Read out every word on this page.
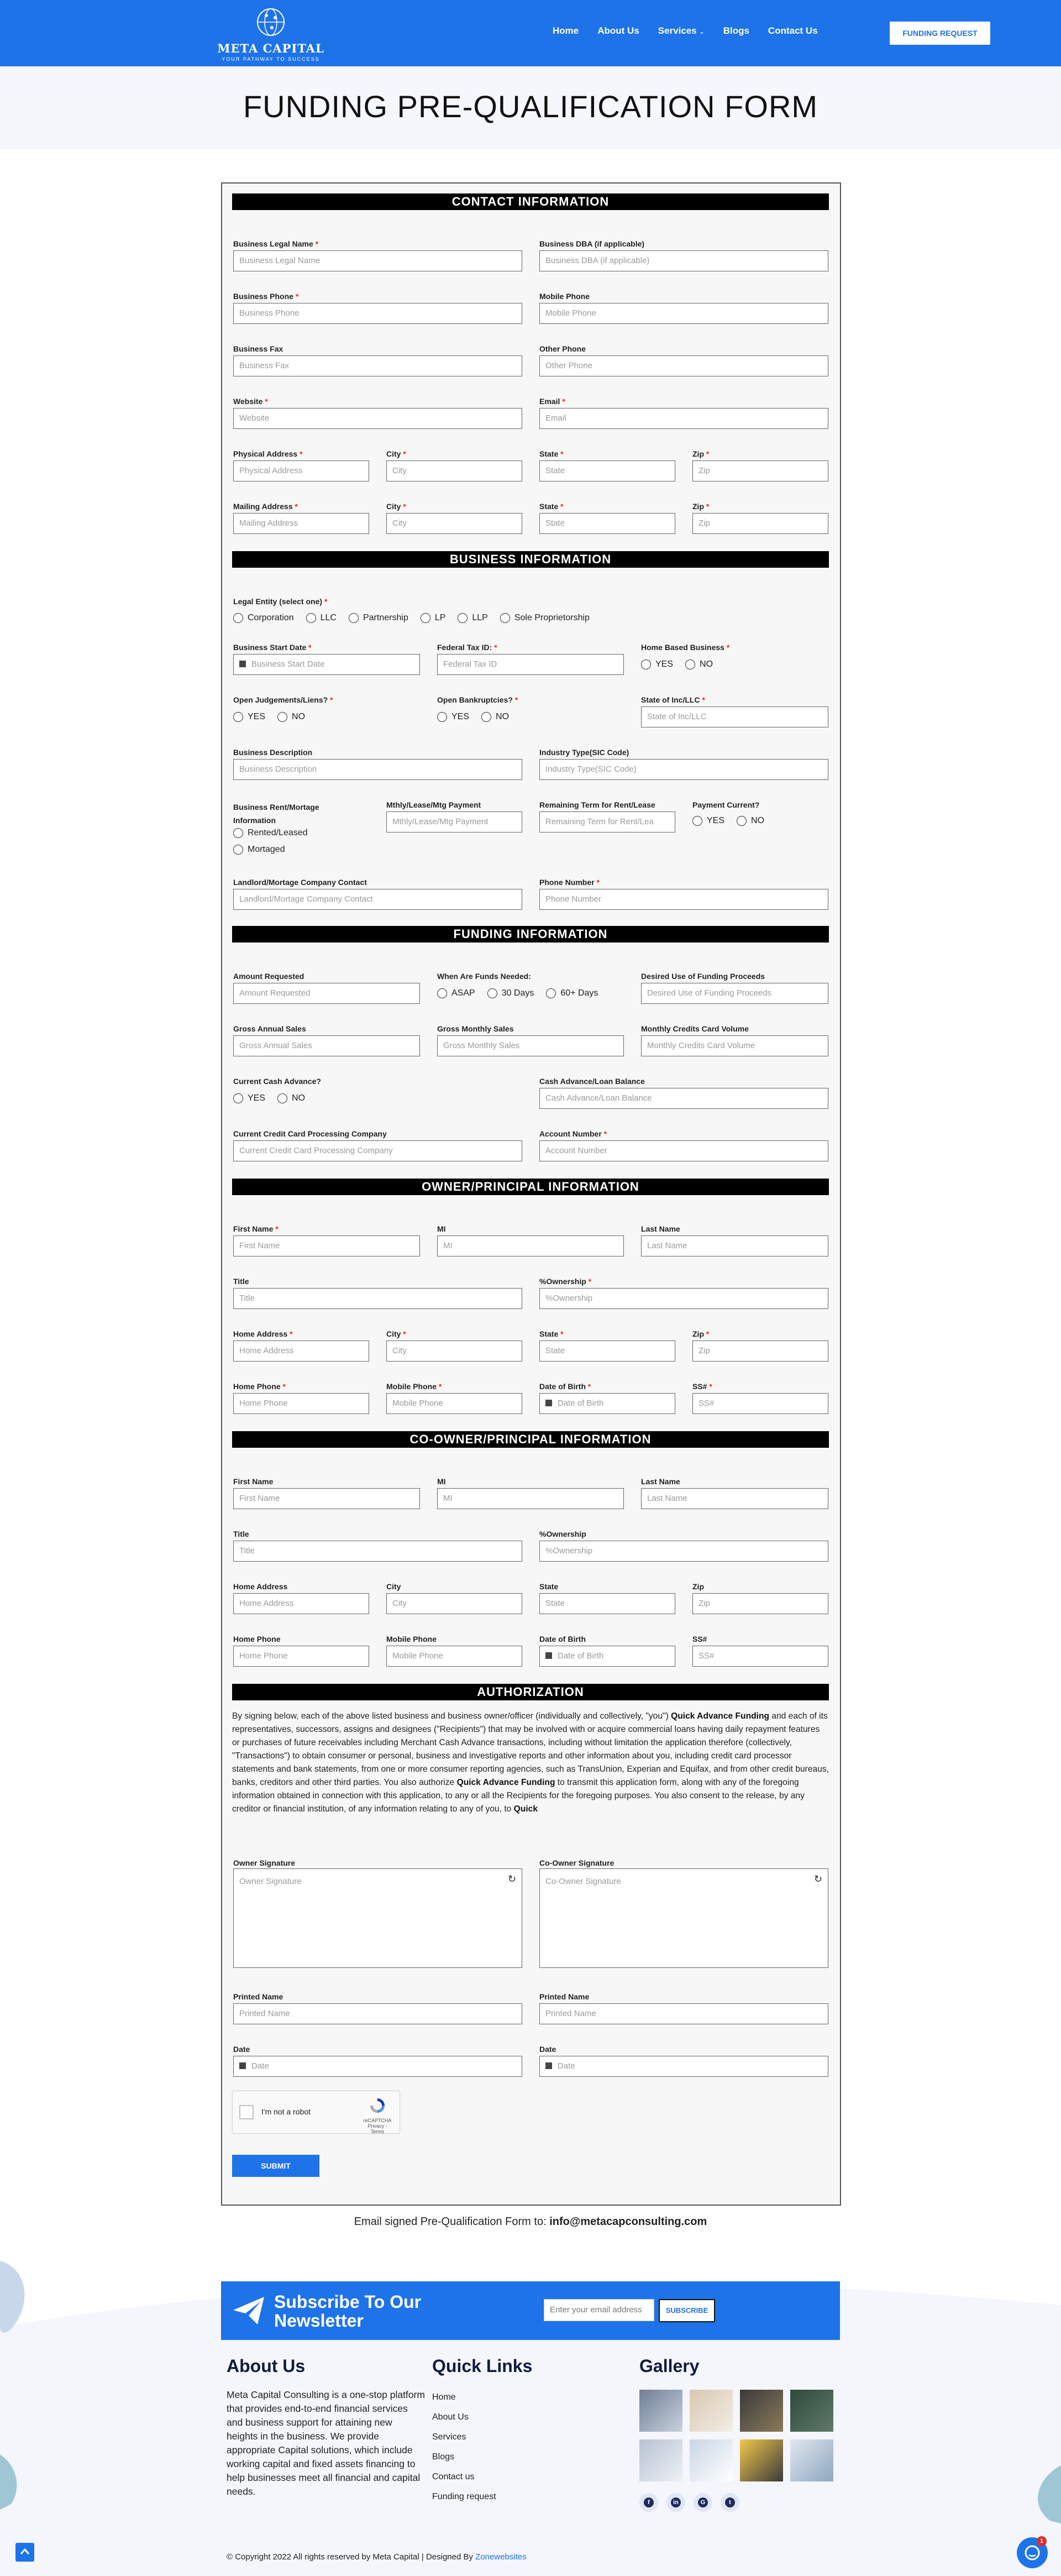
META CAPITAL
YOUR PATHWAY TO SUCCESS
Home About Us Services ⌄ Blogs Contact Us	FUNDING REQUEST
FUNDING PRE-QUALIFICATION FORM
CONTACT INFORMATION
Business Legal Name *
Business Legal Name
Business DBA (if applicable)
Business DBA (if applicable)
Business Phone *
Business Phone
Mobile Phone
Mobile Phone
Business Fax
Business Fax
Other Phone
Other Phone
Website *
Website
Email *
Email
Physical Address *
Physical Address
City *
City
State *
State
Zip *
Zip
Mailing Address *
Mailing Address
City *
City
State *
State
Zip *
Zip
BUSINESS INFORMATION
Legal Entity (select one) *
Corporation	LLC	Partnership	LP	LLP	Sole Proprietorship
Business Start Date *
Business Start Date
Federal Tax ID: *
Federal Tax ID
Home Based Business *
YES	NO
Open Judgements/Liens? *
YES	NO
Open Bankruptcies? *
YES	NO
State of Inc/LLC *
State of Inc/LLC
Business Description
Business Description
Industry Type(SIC Code)
Industry Type(SIC Code)
Business Rent/Mortage
Information
Rented/Leased
Mortaged
Mthly/Lease/Mtg Payment
Mthly/Lease/Mtg Payment
Remaining Term for Rent/Lease
Remaining Term for Rent/Lea
Payment Current?
YES	NO
Landlord/Mortage Company Contact
Landlord/Mortage Company Contact
Phone Number *
Phone Number
FUNDING INFORMATION
Amount Requested
Amount Requested
When Are Funds Needed:
ASAP	30 Days	60+ Days
Desired Use of Funding Proceeds
Desired Use of Funding Proceeds
Gross Annual Sales
Gross Annual Sales
Gross Monthly Sales
Gross Monthly Sales
Monthly Credits Card Volume
Monthly Credits Card Volume
Current Cash Advance?
YES	NO
Cash Advance/Loan Balance
Cash Advance/Loan Balance
Current Credit Card Processing Company
Current Credit Card Processing Company
Account Number *
Account Number
OWNER/PRINCIPAL INFORMATION
First Name *
First Name
MI
MI
Last Name
Last Name
Title
Title
%Ownership *
%Ownership
Home Address *
Home Address
City *
City
State *
State
Zip *
Zip
Home Phone *
Home Phone
Mobile Phone *
Mobile Phone
Date of Birth *
Date of Birth
SS# *
SS#
CO-OWNER/PRINCIPAL INFORMATION
First Name
First Name
MI
MI
Last Name
Last Name
Title
Title
%Ownership
%Ownership
Home Address
Home Address
City
City
State
State
Zip
Zip
Home Phone
Home Phone
Mobile Phone
Mobile Phone
Date of Birth
Date of Birth
SS#
SS#
AUTHORIZATION
By signing below, each of the above listed business and business owner/officer (individually and collectively, "you") Quick Advance Funding and each of its representatives, successors, assigns and designees ("Recipients") that may be involved with or acquire commercial loans having daily repayment features or purchases of future receivables including Merchant Cash Advance transactions, including without limitation the application therefore (collectively, "Transactions") to obtain consumer or personal, business and investigative reports and other information about you, including credit card processor statements and bank statements, from one or more consumer reporting agencies, such as TransUnion, Experian and Equifax, and from other credit bureaus, banks, creditors and other third parties. You also authorize Quick Advance Funding to transmit this application form, along with any of the foregoing information obtained in connection with this application, to any or all the Recipients for the foregoing purposes. You also consent to the release, by any creditor or financial institution, of any information relating to any of you, to Quick
Owner Signature
Owner Signature	↻
Co-Owner Signature
Co-Owner Signature	↻
Printed Name
Printed Name
Printed Name
Printed Name
Date
Date
Date
Date
I'm not a robot
reCAPTCHA
Privacy - Terms
SUBMIT
Email signed Pre-Qualification Form to: info@metacapconsulting.com
Subscribe To Our
Newsletter
Enter your email address	SUBSCRIBE
About Us
Meta Capital Consulting is a one-stop platform that provides end-to-end financial services and business support for attaining new heights in the business. We provide appropriate Capital solutions, which include working capital and fixed assets financing to help businesses meet all financial and capital needs.
Quick Links
Home
About Us
Services
Blogs
Contact us
Funding request
Gallery
f	in	G	t
© Copyright 2022 All rights reserved by Meta Capital | Designed By Zonewebsites
1
